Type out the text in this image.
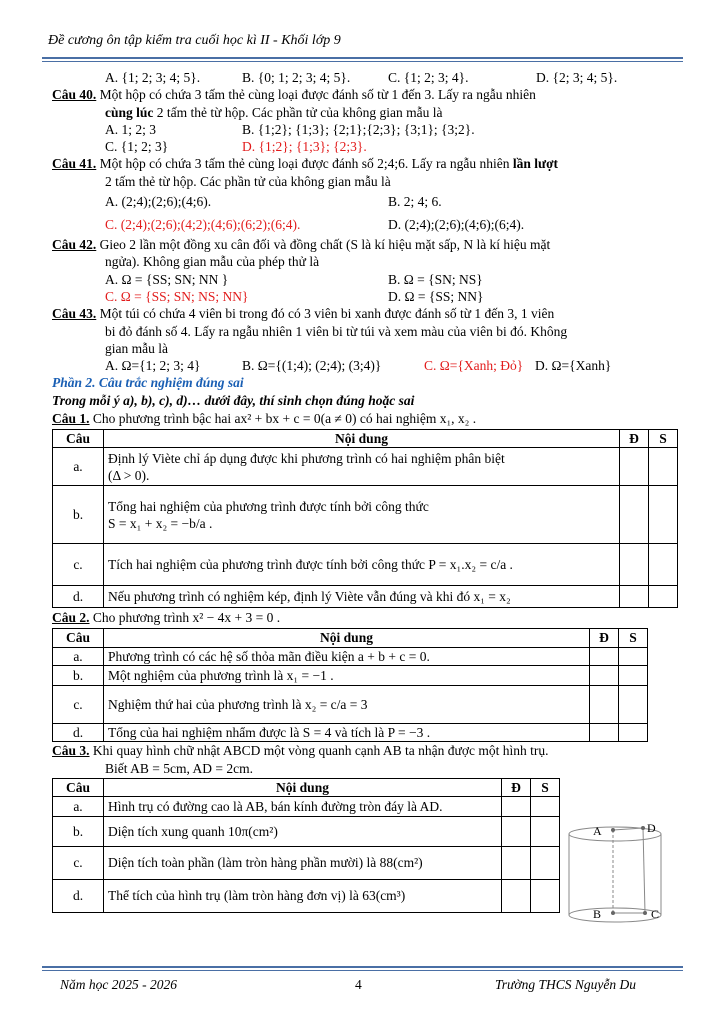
Đề cương ôn tập kiểm tra cuối học kì II - Khối lớp 9
A. {1; 2; 3; 4; 5}.	B. {0; 1; 2; 3; 4; 5}.	C. {1; 2; 3; 4}.	D. {2; 3; 4; 5}.
Câu 40. Một hộp có chứa 3 tấm thẻ cùng loại được đánh số từ 1 đến 3. Lấy ra ngẫu nhiên
cùng lúc 2 tấm thẻ từ hộp. Các phần tử của không gian mẫu là
A. 1; 2; 3	B. {1;2}; {1;3}; {2;1};{2;3}; {3;1}; {3;2}.
C. {1; 2; 3}	D. {1;2}; {1;3}; {2;3}.
Câu 41. Một hộp có chứa 3 tấm thẻ cùng loại được đánh số 2;4;6. Lấy ra ngẫu nhiên lần lượt
2 tấm thẻ từ hộp. Các phần tử của không gian mẫu là
A. (2;4);(2;6);(4;6).	B. 2; 4; 6.
C. (2;4);(2;6);(4;2);(4;6);(6;2);(6;4).	D. (2;4);(2;6);(4;6);(6;4).
Câu 42. Gieo 2 lần một đồng xu cân đối và đồng chất (S là kí hiệu mặt sấp, N là kí hiệu mặt
ngửa). Không gian mẫu của phép thử là
A. Ω = {SS; SN; NN }	B. Ω = {SN; NS}
C. Ω = {SS; SN; NS; NN}	D. Ω = {SS; NN}
Câu 43. Một túi có chứa 4 viên bi trong đó có 3 viên bi xanh được đánh số từ 1 đến 3, 1 viên
bi đỏ đánh số 4. Lấy ra ngẫu nhiên 1 viên bi từ túi và xem màu của viên bi đó. Không
gian mẫu là
A. Ω={1; 2; 3; 4}	B. Ω={(1;4); (2;4); (3;4)}	C. Ω={Xanh; Đỏ} D. Ω={Xanh}
Phần 2. Câu trắc nghiệm đúng sai
Trong mỗi ý a), b), c), d)… dưới đây, thí sinh chọn đúng hoặc sai
Câu 1. Cho phương trình bậc hai ax² + bx + c = 0(a ≠ 0) có hai nghiệm x₁, x₂ .
Câu	Nội dung	Đ	S
a.	Định lý Viète chỉ áp dụng được khi phương trình có hai nghiệm phân biệt
(Δ > 0).		

b.	Tổng hai nghiệm của phương trình được tính bởi công thức
S = x₁ + x₂ = −b/a .		

c.	Tích hai nghiệm của phương trình được tính bởi công thức P = x₁.x₂ = c/a .		
d.	Nếu phương trình có nghiệm kép, định lý Viète vẫn đúng và khi đó x₁ = x₂		
Câu 2. Cho phương trình x² − 4x + 3 = 0 .
Câu	Nội dung	Đ	S
a.	Phương trình có các hệ số thỏa mãn điều kiện a + b + c = 0.		
b.	Một nghiệm của phương trình là x₁ = −1 .		
c.	Nghiệm thứ hai của phương trình là x₂ = c/a = 3		
d.	Tổng của hai nghiệm nhẩm được là S = 4 và tích là P = −3 .		
Câu 3. Khi quay hình chữ nhật ABCD một vòng quanh cạnh AB ta nhận được một hình trụ.
Biết AB = 5cm, AD = 2cm.
Câu	Nội dung	Đ	S
a.	Hình trụ có đường cao là AB, bán kính đường tròn đáy là AD.		
b.	Diện tích xung quanh 10π(cm²)		
c.	Diện tích toàn phần (làm tròn hàng phần mười) là 88(cm²)		
d.	Thể tích của hình trụ (làm tròn hàng đơn vị) là 63(cm³)		
A	D
B	C
Năm học 2025 - 2026	4	Trường THCS Nguyễn Du
